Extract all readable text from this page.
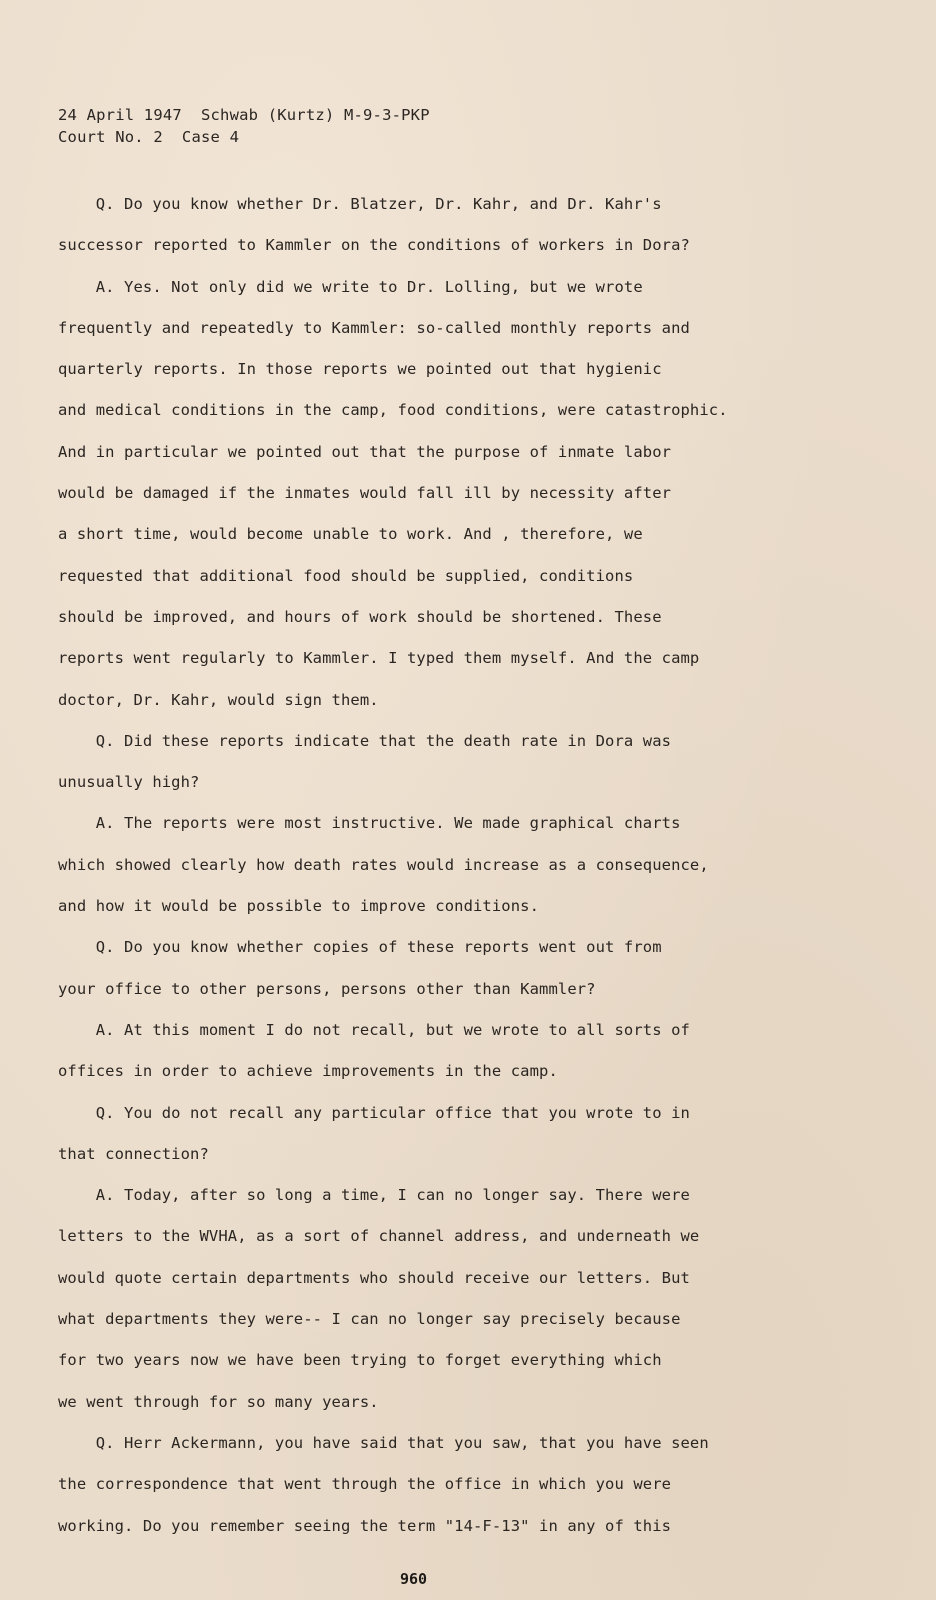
24 April 1947  Schwab (Kurtz) M-9-3-PKP
Court No. 2  Case 4
Q. Do you know whether Dr. Blatzer, Dr. Kahr, and Dr. Kahr's
successor reported to Kammler on the conditions of workers in Dora?
A. Yes. Not only did we write to Dr. Lolling, but we wrote
frequently and repeatedly to Kammler: so-called monthly reports and
quarterly reports. In those reports we pointed out that hygienic
and medical conditions in the camp, food conditions, were catastrophic.
And in particular we pointed out that the purpose of inmate labor
would be damaged if the inmates would fall ill by necessity after
a short time, would become unable to work. And , therefore, we
requested that additional food should be supplied, conditions
should be improved, and hours of work should be shortened. These
reports went regularly to Kammler. I typed them myself. And the camp
doctor, Dr. Kahr, would sign them.
Q. Did these reports indicate that the death rate in Dora was
unusually high?
A. The reports were most instructive. We made graphical charts
which showed clearly how death rates would increase as a consequence,
and how it would be possible to improve conditions.
Q. Do you know whether copies of these reports went out from
your office to other persons, persons other than Kammler?
A. At this moment I do not recall, but we wrote to all sorts of
offices in order to achieve improvements in the camp.
Q. You do not recall any particular office that you wrote to in
that connection?
A. Today, after so long a time, I can no longer say. There were
letters to the WVHA, as a sort of channel address, and underneath we
would quote certain departments who should receive our letters. But
what departments they were-- I can no longer say precisely because
for two years now we have been trying to forget everything which
we went through for so many years.
Q. Herr Ackermann, you have said that you saw, that you have seen
the correspondence that went through the office in which you were
working. Do you remember seeing the term "14-F-13" in any of this
960
